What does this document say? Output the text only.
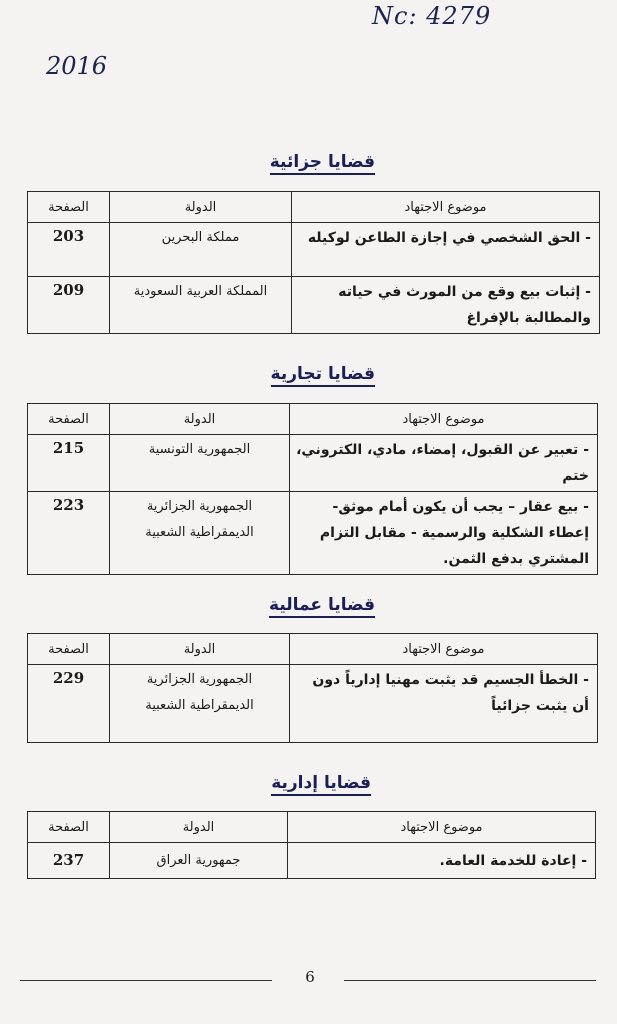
Nc: 4279
2016
قضايا جزائية
موضوع الاجتهاد	الدولة	الصفحة
- الحق الشخصي في إجازة الطاعن لوكيله	مملكة البحرين	203
- إثبات بيع وقع من المورث في حياته والمطالبة بالإفراغ	المملكة العربية السعودية	209
قضايا تجارية
موضوع الاجتهاد	الدولة	الصفحة
- تعبير عن القبول، إمضاء، مادي، الكتروني، ختم	الجمهورية التونسية	215
- بيع عقار – يجب أن يكون أمام موثق- إعطاء الشكلية والرسمية - مقابل التزام المشتري بدفع الثمن.	الجمهورية الجزائرية الديمقراطية الشعبية	223
قضايا عمالية
موضوع الاجتهاد	الدولة	الصفحة
- الخطأ الجسيم قد يثبت مهنيا إدارياً دون أن يثبت جزائياً	الجمهورية الجزائرية الديمقراطية الشعبية	229
قضايا إدارية
موضوع الاجتهاد	الدولة	الصفحة
- إعادة للخدمة العامة.	جمهورية العراق	237
6
